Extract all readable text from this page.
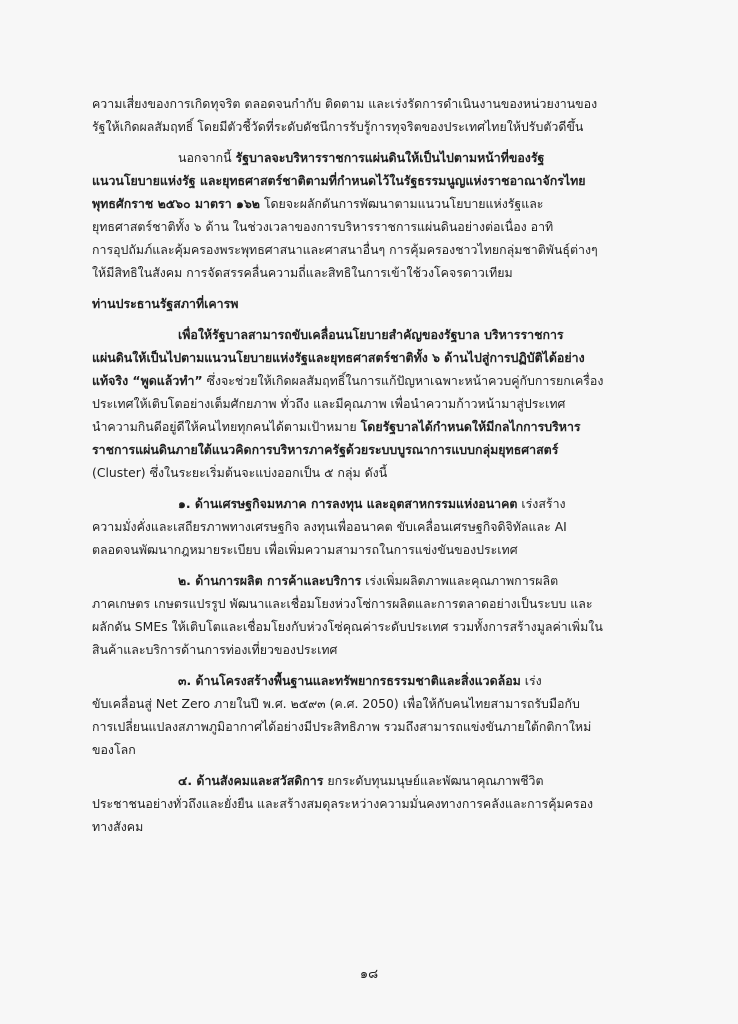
ความเสี่ยงของการเกิดทุจริต ตลอดจนกำกับ ติดตาม และเร่งรัดการดำเนินงานของหน่วยงานของ
รัฐให้เกิดผลสัมฤทธิ์ โดยมีตัวชี้วัดที่ระดับดัชนีการรับรู้การทุจริตของประเทศไทยให้ปรับตัวดีขึ้น
นอกจากนี้ รัฐบาลจะบริหารราชการแผ่นดินให้เป็นไปตามหน้าที่ของรัฐ
แนวนโยบายแห่งรัฐ และยุทธศาสตร์ชาติตามที่กำหนดไว้ในรัฐธรรมนูญแห่งราชอาณาจักรไทย
พุทธศักราช ๒๕๖๐ มาตรา ๑๖๒ โดยจะผลักดันการพัฒนาตามแนวนโยบายแห่งรัฐและ
ยุทธศาสตร์ชาติทั้ง ๖ ด้าน ในช่วงเวลาของการบริหารราชการแผ่นดินอย่างต่อเนื่อง อาทิ
การอุปถัมภ์และคุ้มครองพระพุทธศาสนาและศาสนาอื่นๆ การคุ้มครองชาวไทยกลุ่มชาติพันธุ์ต่างๆ
ให้มีสิทธิในสังคม การจัดสรรคลื่นความถี่และสิทธิในการเข้าใช้วงโคจรดาวเทียม
ท่านประธานรัฐสภาที่เคารพ
เพื่อให้รัฐบาลสามารถขับเคลื่อนนโยบายสำคัญของรัฐบาล บริหารราชการ
แผ่นดินให้เป็นไปตามแนวนโยบายแห่งรัฐและยุทธศาสตร์ชาติทั้ง ๖ ด้านไปสู่การปฏิบัติได้อย่าง
แท้จริง “พูดแล้วทำ” ซึ่งจะช่วยให้เกิดผลสัมฤทธิ์ในการแก้ปัญหาเฉพาะหน้าควบคู่กับการยกเครื่อง
ประเทศให้เติบโตอย่างเต็มศักยภาพ ทั่วถึง และมีคุณภาพ เพื่อนำความก้าวหน้ามาสู่ประเทศ
นำความกินดีอยู่ดีให้คนไทยทุกคนได้ตามเป้าหมาย โดยรัฐบาลได้กำหนดให้มีกลไกการบริหาร
ราชการแผ่นดินภายใต้แนวคิดการบริหารภาครัฐด้วยระบบบูรณาการแบบกลุ่มยุทธศาสตร์
(Cluster) ซึ่งในระยะเริ่มต้นจะแบ่งออกเป็น ๕ กลุ่ม ดังนี้
๑. ด้านเศรษฐกิจมหภาค การลงทุน และอุตสาหกรรมแห่งอนาคต เร่งสร้าง
ความมั่งคั่งและเสถียรภาพทางเศรษฐกิจ ลงทุนเพื่ออนาคต ขับเคลื่อนเศรษฐกิจดิจิทัลและ AI
ตลอดจนพัฒนากฎหมายระเบียบ เพื่อเพิ่มความสามารถในการแข่งขันของประเทศ
๒. ด้านการผลิต การค้าและบริการ เร่งเพิ่มผลิตภาพและคุณภาพการผลิต
ภาคเกษตร เกษตรแปรรูป พัฒนาและเชื่อมโยงห่วงโซ่การผลิตและการตลาดอย่างเป็นระบบ และ
ผลักดัน SMEs ให้เติบโตและเชื่อมโยงกับห่วงโซ่คุณค่าระดับประเทศ รวมทั้งการสร้างมูลค่าเพิ่มใน
สินค้าและบริการด้านการท่องเที่ยวของประเทศ
๓. ด้านโครงสร้างพื้นฐานและทรัพยากรธรรมชาติและสิ่งแวดล้อม เร่ง
ขับเคลื่อนสู่ Net Zero ภายในปี พ.ศ. ๒๕๙๓ (ค.ศ. 2050) เพื่อให้กับคนไทยสามารถรับมือกับ
การเปลี่ยนแปลงสภาพภูมิอากาศได้อย่างมีประสิทธิภาพ รวมถึงสามารถแข่งขันภายใต้กติกาใหม่
ของโลก
๔. ด้านสังคมและสวัสดิการ ยกระดับทุนมนุษย์และพัฒนาคุณภาพชีวิต
ประชาชนอย่างทั่วถึงและยั่งยืน และสร้างสมดุลระหว่างความมั่นคงทางการคลังและการคุ้มครอง
ทางสังคม
๑๘
